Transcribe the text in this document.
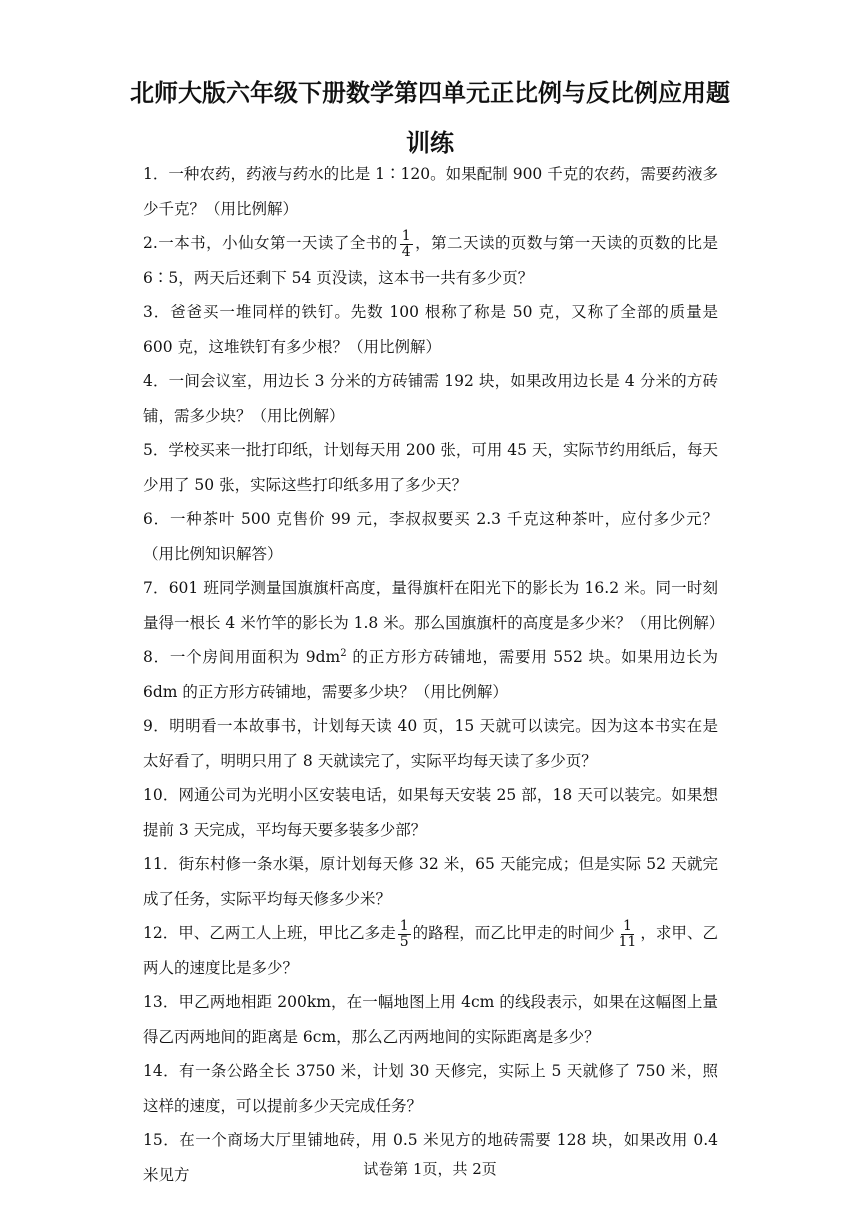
北师大版六年级下册数学第四单元正比例与反比例应用题训练
1．一种农药，药液与药水的比是 1∶120。如果配制 900 千克的农药，需要药液多少千克？（用比例解）
2.一本书，小仙女第一天读了全书的 $\frac{1}{4}$ ，第二天读的页数与第一天读的页数的比是 6∶5，两天后还剩下 54 页没读，这本书一共有多少页？
3．爸爸买一堆同样的铁钉。先数 100 根称了称是 50 克，又称了全部的质量是 600 克，这堆铁钉有多少根？（用比例解）
4．一间会议室，用边长 3 分米的方砖铺需 192 块，如果改用边长是 4 分米的方砖铺，需多少块？（用比例解）
5．学校买来一批打印纸，计划每天用 200 张，可用 45 天，实际节约用纸后，每天少用了 50 张，实际这些打印纸多用了多少天？
6．一种茶叶 500 克售价 99 元，李叔叔要买 2.3 千克这种茶叶，应付多少元？（用比例知识解答）
7．601 班同学测量国旗旗杆高度，量得旗杆在阳光下的影长为 16.2 米。同一时刻量得一根长 4 米竹竿的影长为 1.8 米。那么国旗旗杆的高度是多少米？（用比例解）
8．一个房间用面积为 $9dm^2$ 的正方形方砖铺地，需要用 552 块。如果用边长为 6dm 的正方形方砖铺地，需要多少块？（用比例解）
9．明明看一本故事书，计划每天读 40 页，15 天就可以读完。因为这本书实在是太好看了，明明只用了 8 天就读完了，实际平均每天读了多少页？
10．网通公司为光明小区安装电话，如果每天安装 25 部，18 天可以装完。如果想提前 3 天完成，平均每天要多装多少部？
11．街东村修一条水渠，原计划每天修 32 米，65 天能完成；但是实际 52 天就完成了任务，实际平均每天修多少米？
12．甲、乙两工人上班，甲比乙多走 $\frac{1}{5}$ 的路程，而乙比甲走的时间少 $\frac{1}{11}$ ，求甲、乙两人的速度比是多少？
13．甲乙两地相距 200km，在一幅地图上用 4cm 的线段表示，如果在这幅图上量得乙丙两地间的距离是 6cm，那么乙丙两地间的实际距离是多少？
14．有一条公路全长 3750 米，计划 30 天修完，实际上 5 天就修了 750 米，照这样的速度，可以提前多少天完成任务？
15．在一个商场大厅里铺地砖，用 0.5 米见方的地砖需要 128 块，如果改用 0.4 米见方	试卷第 1页，共 2页
